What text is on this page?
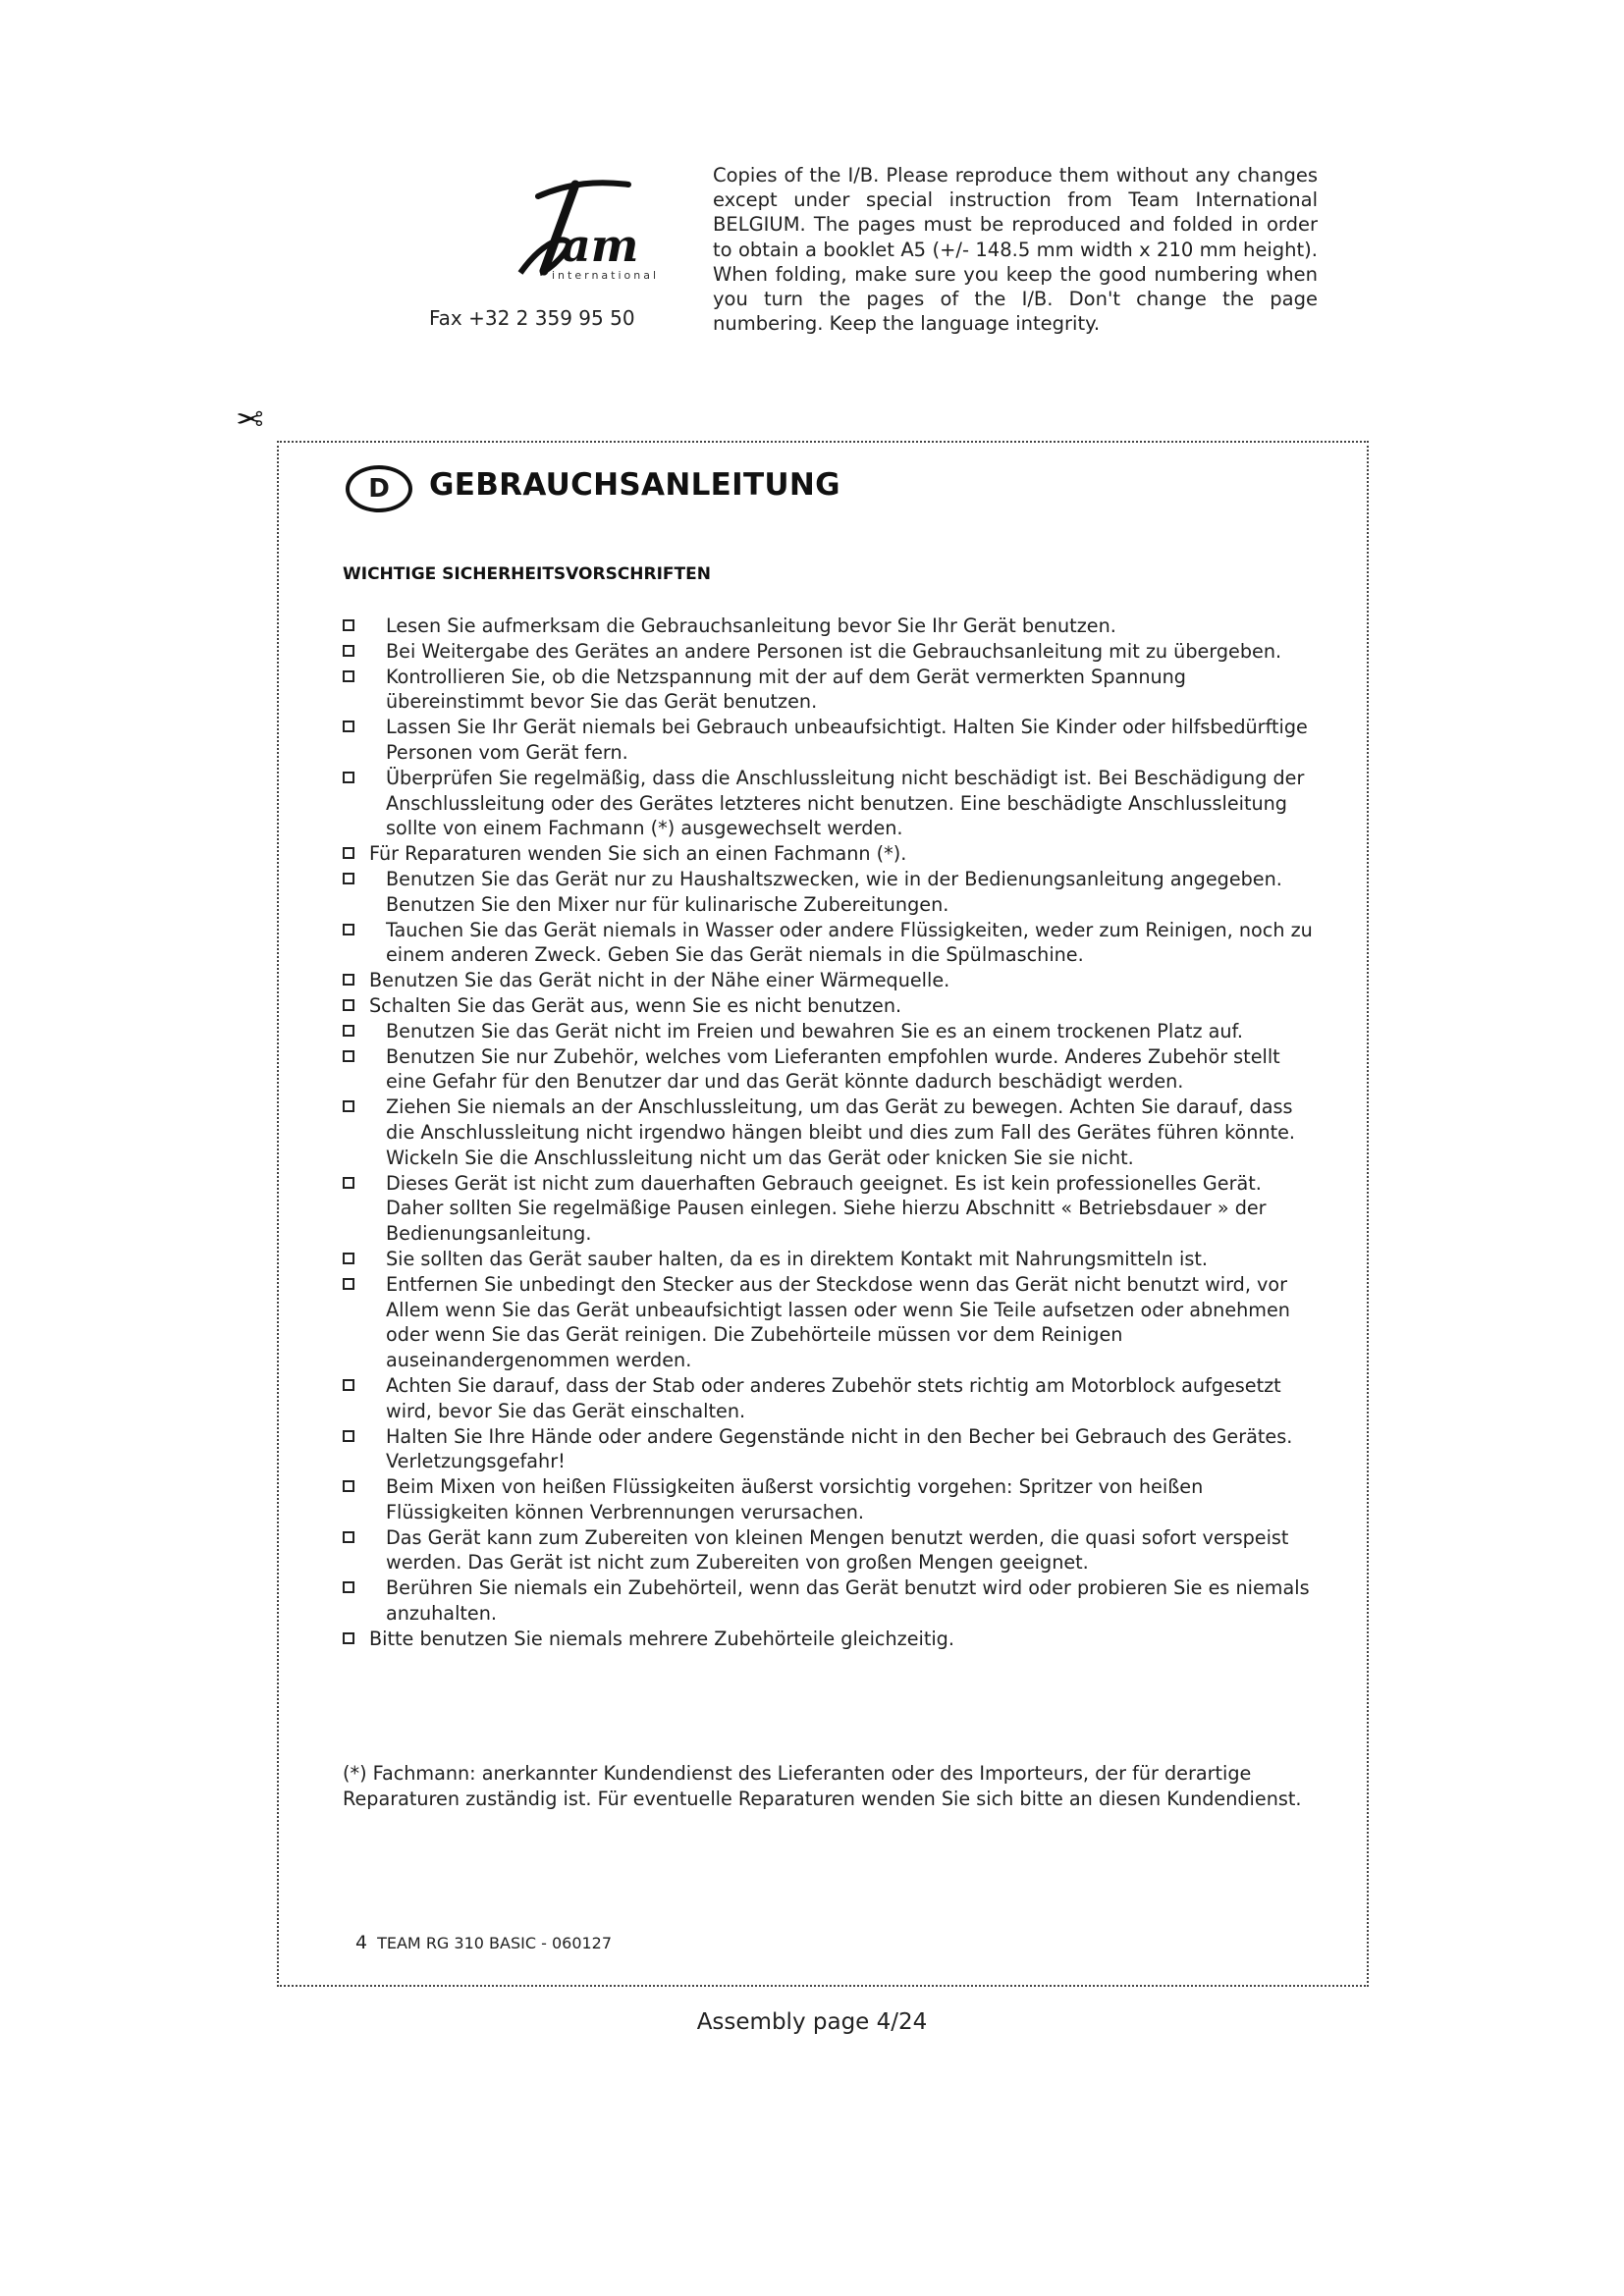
am
international
Fax +32 2 359 95 50
Copies of the I/B. Please reproduce them without any changes except under special instruction from Team International BELGIUM. The pages must be reproduced and folded in order to obtain a booklet A5 (+/- 148.5 mm width x 210 mm height). When folding, make sure you keep the good numbering when you turn the pages of the I/B. Don't change the page numbering. Keep the language integrity.
✂
D	GEBRAUCHSANLEITUNG
WICHTIGE SICHERHEITSVORSCHRIFTEN
Lesen Sie aufmerksam die Gebrauchsanleitung bevor Sie Ihr Gerät benutzen.
Bei Weitergabe des Gerätes an andere Personen ist die Gebrauchsanleitung mit zu übergeben.
Kontrollieren Sie, ob die Netzspannung mit der auf dem Gerät vermerkten Spannung übereinstimmt bevor Sie das Gerät benutzen.
Lassen Sie Ihr Gerät niemals bei Gebrauch unbeaufsichtigt. Halten Sie Kinder oder hilfsbedürftige Personen vom Gerät fern.
Überprüfen Sie regelmäßig, dass die Anschlussleitung nicht beschädigt ist. Bei Beschädigung der Anschlussleitung oder des Gerätes letzteres nicht benutzen. Eine beschädigte Anschlussleitung sollte von einem Fachmann (*) ausgewechselt werden.
Für Reparaturen wenden Sie sich an einen Fachmann (*).
Benutzen Sie das Gerät nur zu Haushaltszwecken, wie in der Bedienungsanleitung angegeben. Benutzen Sie den Mixer nur für kulinarische Zubereitungen.
Tauchen Sie das Gerät niemals in Wasser oder andere Flüssigkeiten, weder zum Reinigen, noch zu einem anderen Zweck. Geben Sie das Gerät niemals in die Spülmaschine.
Benutzen Sie das Gerät nicht in der Nähe einer Wärmequelle.
Schalten Sie das Gerät aus, wenn Sie es nicht benutzen.
Benutzen Sie das Gerät nicht im Freien und bewahren Sie es an einem trockenen Platz auf.
Benutzen Sie nur Zubehör, welches vom Lieferanten empfohlen wurde. Anderes Zubehör stellt eine Gefahr für den Benutzer dar und das Gerät könnte dadurch beschädigt werden.
Ziehen Sie niemals an der Anschlussleitung, um das Gerät zu bewegen. Achten Sie darauf, dass die Anschlussleitung nicht irgendwo hängen bleibt und dies zum Fall des Gerätes führen könnte. Wickeln Sie die Anschlussleitung nicht um das Gerät oder knicken Sie sie nicht.
Dieses Gerät ist nicht zum dauerhaften Gebrauch geeignet. Es ist kein professionelles Gerät. Daher sollten Sie regelmäßige Pausen einlegen. Siehe hierzu Abschnitt « Betriebsdauer » der Bedienungsanleitung.
Sie sollten das Gerät sauber halten, da es in direktem Kontakt mit Nahrungsmitteln ist.
Entfernen Sie unbedingt den Stecker aus der Steckdose wenn das Gerät nicht benutzt wird, vor Allem wenn Sie das Gerät unbeaufsichtigt lassen oder wenn Sie Teile aufsetzen oder abnehmen oder wenn Sie das Gerät reinigen. Die Zubehörteile müssen vor dem Reinigen auseinandergenommen werden.
Achten Sie darauf, dass der Stab oder anderes Zubehör stets richtig am Motorblock aufgesetzt wird, bevor Sie das Gerät einschalten.
Halten Sie Ihre Hände oder andere Gegenstände nicht in den Becher bei Gebrauch des Gerätes. Verletzungsgefahr!
Beim Mixen von heißen Flüssigkeiten äußerst vorsichtig vorgehen: Spritzer von heißen Flüssigkeiten können Verbrennungen verursachen.
Das Gerät kann zum Zubereiten von kleinen Mengen benutzt werden, die quasi sofort verspeist werden. Das Gerät ist nicht zum Zubereiten von großen Mengen geeignet.
Berühren Sie niemals ein Zubehörteil, wenn das Gerät benutzt wird oder probieren Sie es niemals anzuhalten.
Bitte benutzen Sie niemals mehrere Zubehörteile gleichzeitig.
(*) Fachmann: anerkannter Kundendienst des Lieferanten oder des Importeurs, der für derartige Reparaturen zuständig ist. Für eventuelle Reparaturen wenden Sie sich bitte an diesen Kundendienst.
4 TEAM RG 310 BASIC - 060127
Assembly page 4/24
